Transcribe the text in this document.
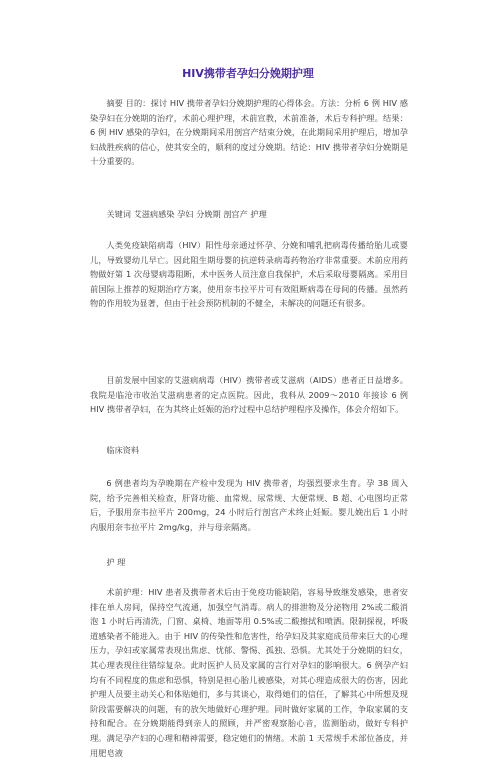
HIV携带者孕妇分娩期护理

摘要 目的：探讨 HIV 携带者孕妇分娩期护理的心得体会。方法：分析 6 例 HIV 感染孕妇在分娩期的治疗，术前心理护理，术前宣教，术前准备，术后专科护理。结果：6 例 HIV 感染的孕妇，在分娩期间采用剖宫产结束分娩，在此期间采用护理后，增加孕妇战胜疾病的信心，使其安全的，顺利的度过分娩期。结论：HIV 携带者孕妇分娩期是十分重要的。

关键词 艾滋病感染 孕妇 分娩期 剖宫产 护理

人类免疫缺陷病毒（HIV）阳性母亲通过怀孕、分娩和哺乳把病毒传播给胎儿或婴儿，导致婴幼儿早亡。因此阻生期母婴的抗逆转录病毒药物治疗非常重要。术前应用药物做好第 1 次母婴病毒阻断，术中医务人员注意自我保护，术后采取母婴隔离。采用目前国际上推荐的短期治疗方案，使用奈韦拉平片可有效阻断病毒在母间的传播。虽然药物的作用较为显著，但由于社会预防机制的不健全，未解决的问题还有很多。

目前发展中国家的艾滋病病毒（HIV）携带者或艾滋病（AIDS）患者正日益增多。我院是临沧市收治艾滋病患者的定点医院。因此，我科从 2009～2010 年接诊 6 例 HIV 携带者孕妇，在为其终止妊娠的治疗过程中总结护理程序及操作，体会介绍如下。

临床资料

6 例患者均为孕晚期在产检中发现为 HIV 携带者，均强烈要求生育。孕 38 周入院，给予完善相关检查，肝肾功能、血常规、尿常规、大便常规、B 超、心电图均正常后，予服用奈韦拉平片 200mg，24 小时后行剖宫产术终止妊娠。婴儿娩出后 1 小时内服用奈韦拉平片 2mg/kg，并与母亲隔离。

护 理

术前护理：HIV 患者及携带者术后由于免疫功能缺陷，容易导致继发感染，患者安排在单人房间，保持空气流通，加强空气消毒。病人的排泄物及分泌物用 2%或二酸消泡 1 小时后再清洗，门窗、桌椅、地面等用 0.5%或二酸擦拭和喷洒。限制探视，呼吸道感染者不能进入。由于 HIV 的传染性和危害性，给孕妇及其家庭成员带来巨大的心理压力，孕妇或家属常表现出焦虑、忧郁、警惕、孤独、恐惧。尤其处于分娩期的妇女，其心理表现往往错综复杂。此时医护人员及家属的言行对孕妇的影响很大。6 例孕产妇均有不同程度的焦虑和恐惧，特别是担心胎儿被感染，对其心理造成很大的伤害，因此护理人员要主动关心和体贴她们，多与其谈心，取得她们的信任，了解其心中所想及现阶段需要解决的问题，有的放矢地做好心理护理。同时做好家属的工作，争取家属的支持和配合。在分娩期能得到亲人的照顾，并严密观察胎心音，监测胎动，做好专科护理。满足孕产妇的心理和精神需要，稳定她们的情绪。术前 1 天常规手术部位备皮，并用肥皂液
